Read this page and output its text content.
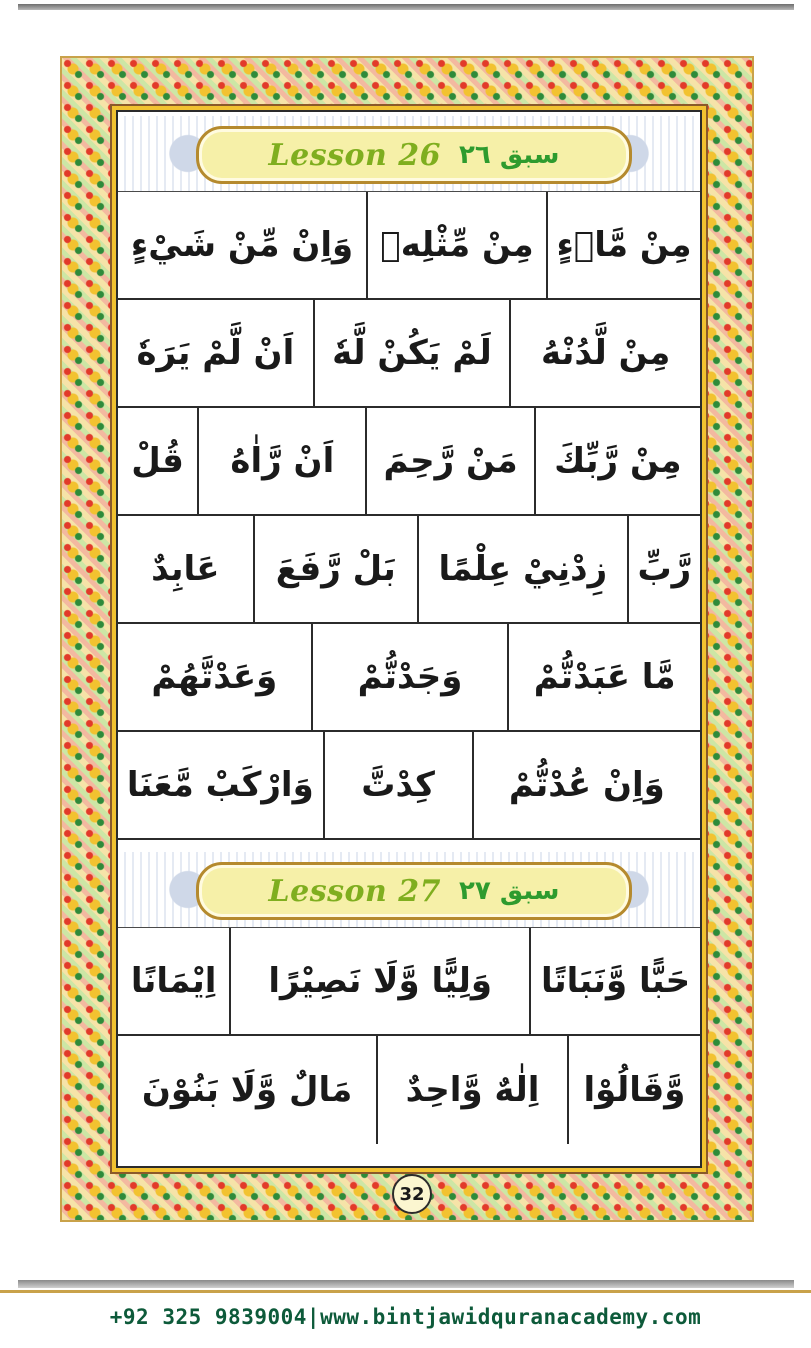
Lesson 26 سبق ٢٦
مِنْ مَّاۤءٍ
مِنْ مِّثْلِهٖ
وَاِنْ مِّنْ شَيْءٍ
مِنْ لَّدُنْهُ
لَمْ يَكُنْ لَّهٗ
اَنْ لَّمْ يَرَهٗ
مِنْ رَّبِّكَ
مَنْ رَّحِمَ
اَنْ رَّاٰهُ
قُلْ
رَّبِّ
زِدْنِيْ عِلْمًا
بَلْ رَّفَعَ
عَابِدٌ
مَّا عَبَدْتُّمْ
وَجَدْتُّمْ
وَعَدْتَّهُمْ
وَاِنْ عُدْتُّمْ
كِدْتَّ
وَارْكَبْ مَّعَنَا
Lesson 27 سبق ٢٧
حَبًّا وَّنَبَاتًا
وَلِيًّا وَّلَا نَصِيْرًا
اِيْمَانًا
وَّقَالُوْا
اِلٰهٌ وَّاحِدٌ
مَالٌ وَّلَا بَنُوْنَ
32
+92 325 9839004 | www.bintjawidquranacademy.com
